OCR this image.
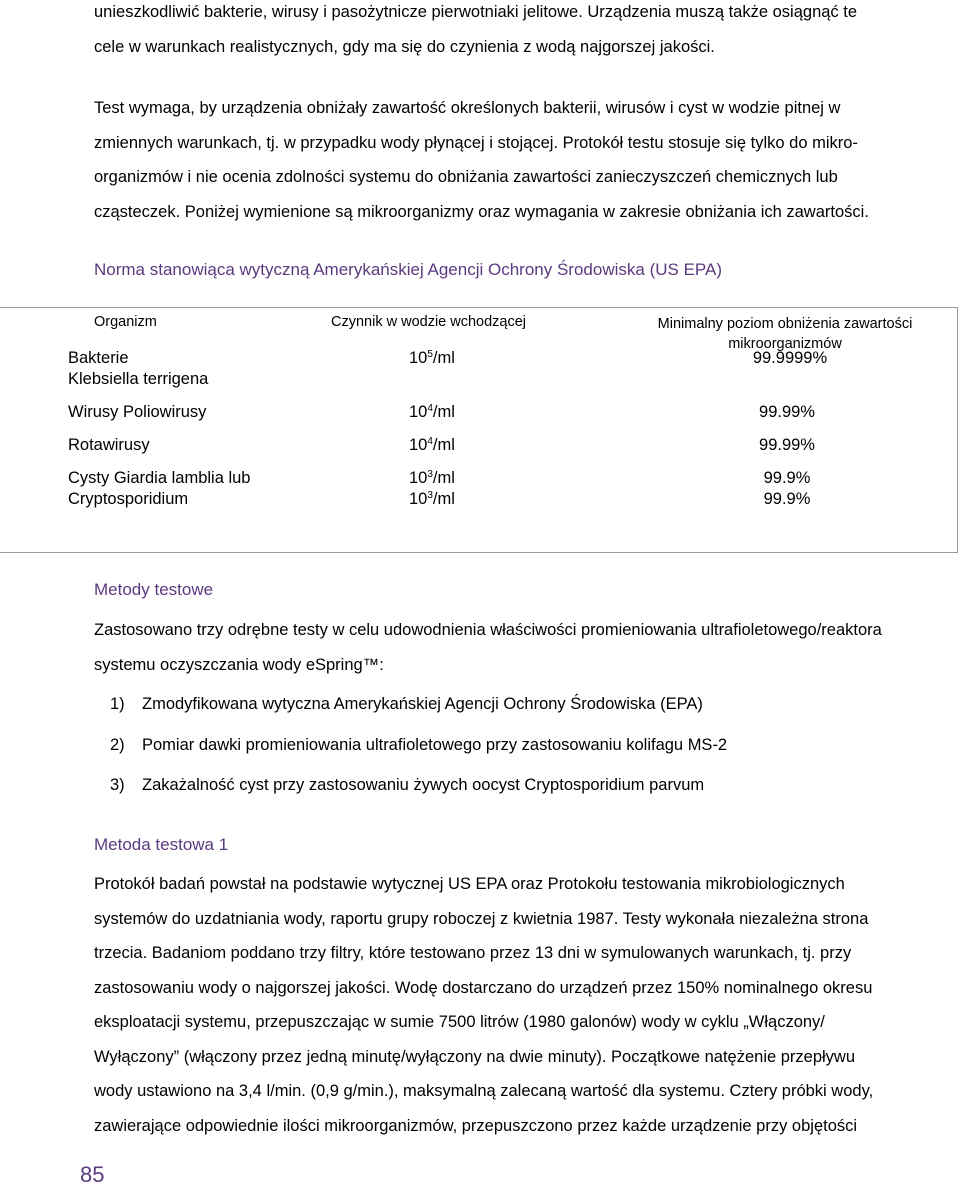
unieszkodliwić bakterie, wirusy i pasożytnicze pierwotniaki jelitowe. Urządzenia muszą także osiągnąć te
cele w warunkach realistycznych, gdy ma się do czynienia z wodą najgorszej jakości.
Test wymaga, by urządzenia obniżały zawartość określonych bakterii, wirusów i cyst w wodzie pitnej w
zmiennych warunkach, tj. w przypadku wody płynącej i stojącej. Protokół testu stosuje się tylko do mikro-
organizmów i nie ocenia zdolności systemu do obniżania zawartości zanieczyszczeń chemicznych lub
cząsteczek. Poniżej wymienione są mikroorganizmy oraz wymagania w zakresie obniżania ich zawartości.

Norma stanowiąca wytyczną Amerykańskiej Agencji Ochrony Środowiska (US EPA)

Organizm	Czynnik w wodzie wchodzącej	Minimalny poziom obniżenia zawartości
mikroorganizmów

Bakterie

Klebsiella terrigena

$10^5/ml$	99.9999%

Wirusy Poliowirusy	$10^4/ml$	99.99%

Rotawirusy	$10^4/ml$	99.99%

Cysty Giardia lamblia lub	$10^3/ml$	99.9%

Cryptosporidium	$10^3/ml$	99.9%

Metody testowe

Zastosowano trzy odrębne testy w celu udowodnienia właściwości promieniowania ultrafioletowego/reaktora
systemu oczyszczania wody eSpring™:
1) Zmodyfikowana wytyczna Amerykańskiej Agencji Ochrony Środowiska (EPA)
2) Pomiar dawki promieniowania ultrafioletowego przy zastosowaniu kolifagu MS-2
3) Zakażalność cyst przy zastosowaniu żywych oocyst Cryptosporidium parvum

Metoda testowa 1

Protokół badań powstał na podstawie wytycznej US EPA oraz Protokołu testowania mikrobiologicznych
systemów do uzdatniania wody, raportu grupy roboczej z kwietnia 1987. Testy wykonała niezależna strona
trzecia. Badaniom poddano trzy filtry, które testowano przez 13 dni w symulowanych warunkach, tj. przy
zastosowaniu wody o najgorszej jakości. Wodę dostarczano do urządzeń przez 150% nominalnego okresu
eksploatacji systemu, przepuszczając w sumie 7500 litrów (1980 galonów) wody w cyklu „Włączony/
Wyłączony” (włączony przez jedną minutę/wyłączony na dwie minuty). Początkowe natężenie przepływu
wody ustawiono na 3,4 l/min. (0,9 g/min.), maksymalną zalecaną wartość dla systemu. Cztery próbki wody,
zawierające odpowiednie ilości mikroorganizmów, przepuszczono przez każde urządzenie przy objętości

85
